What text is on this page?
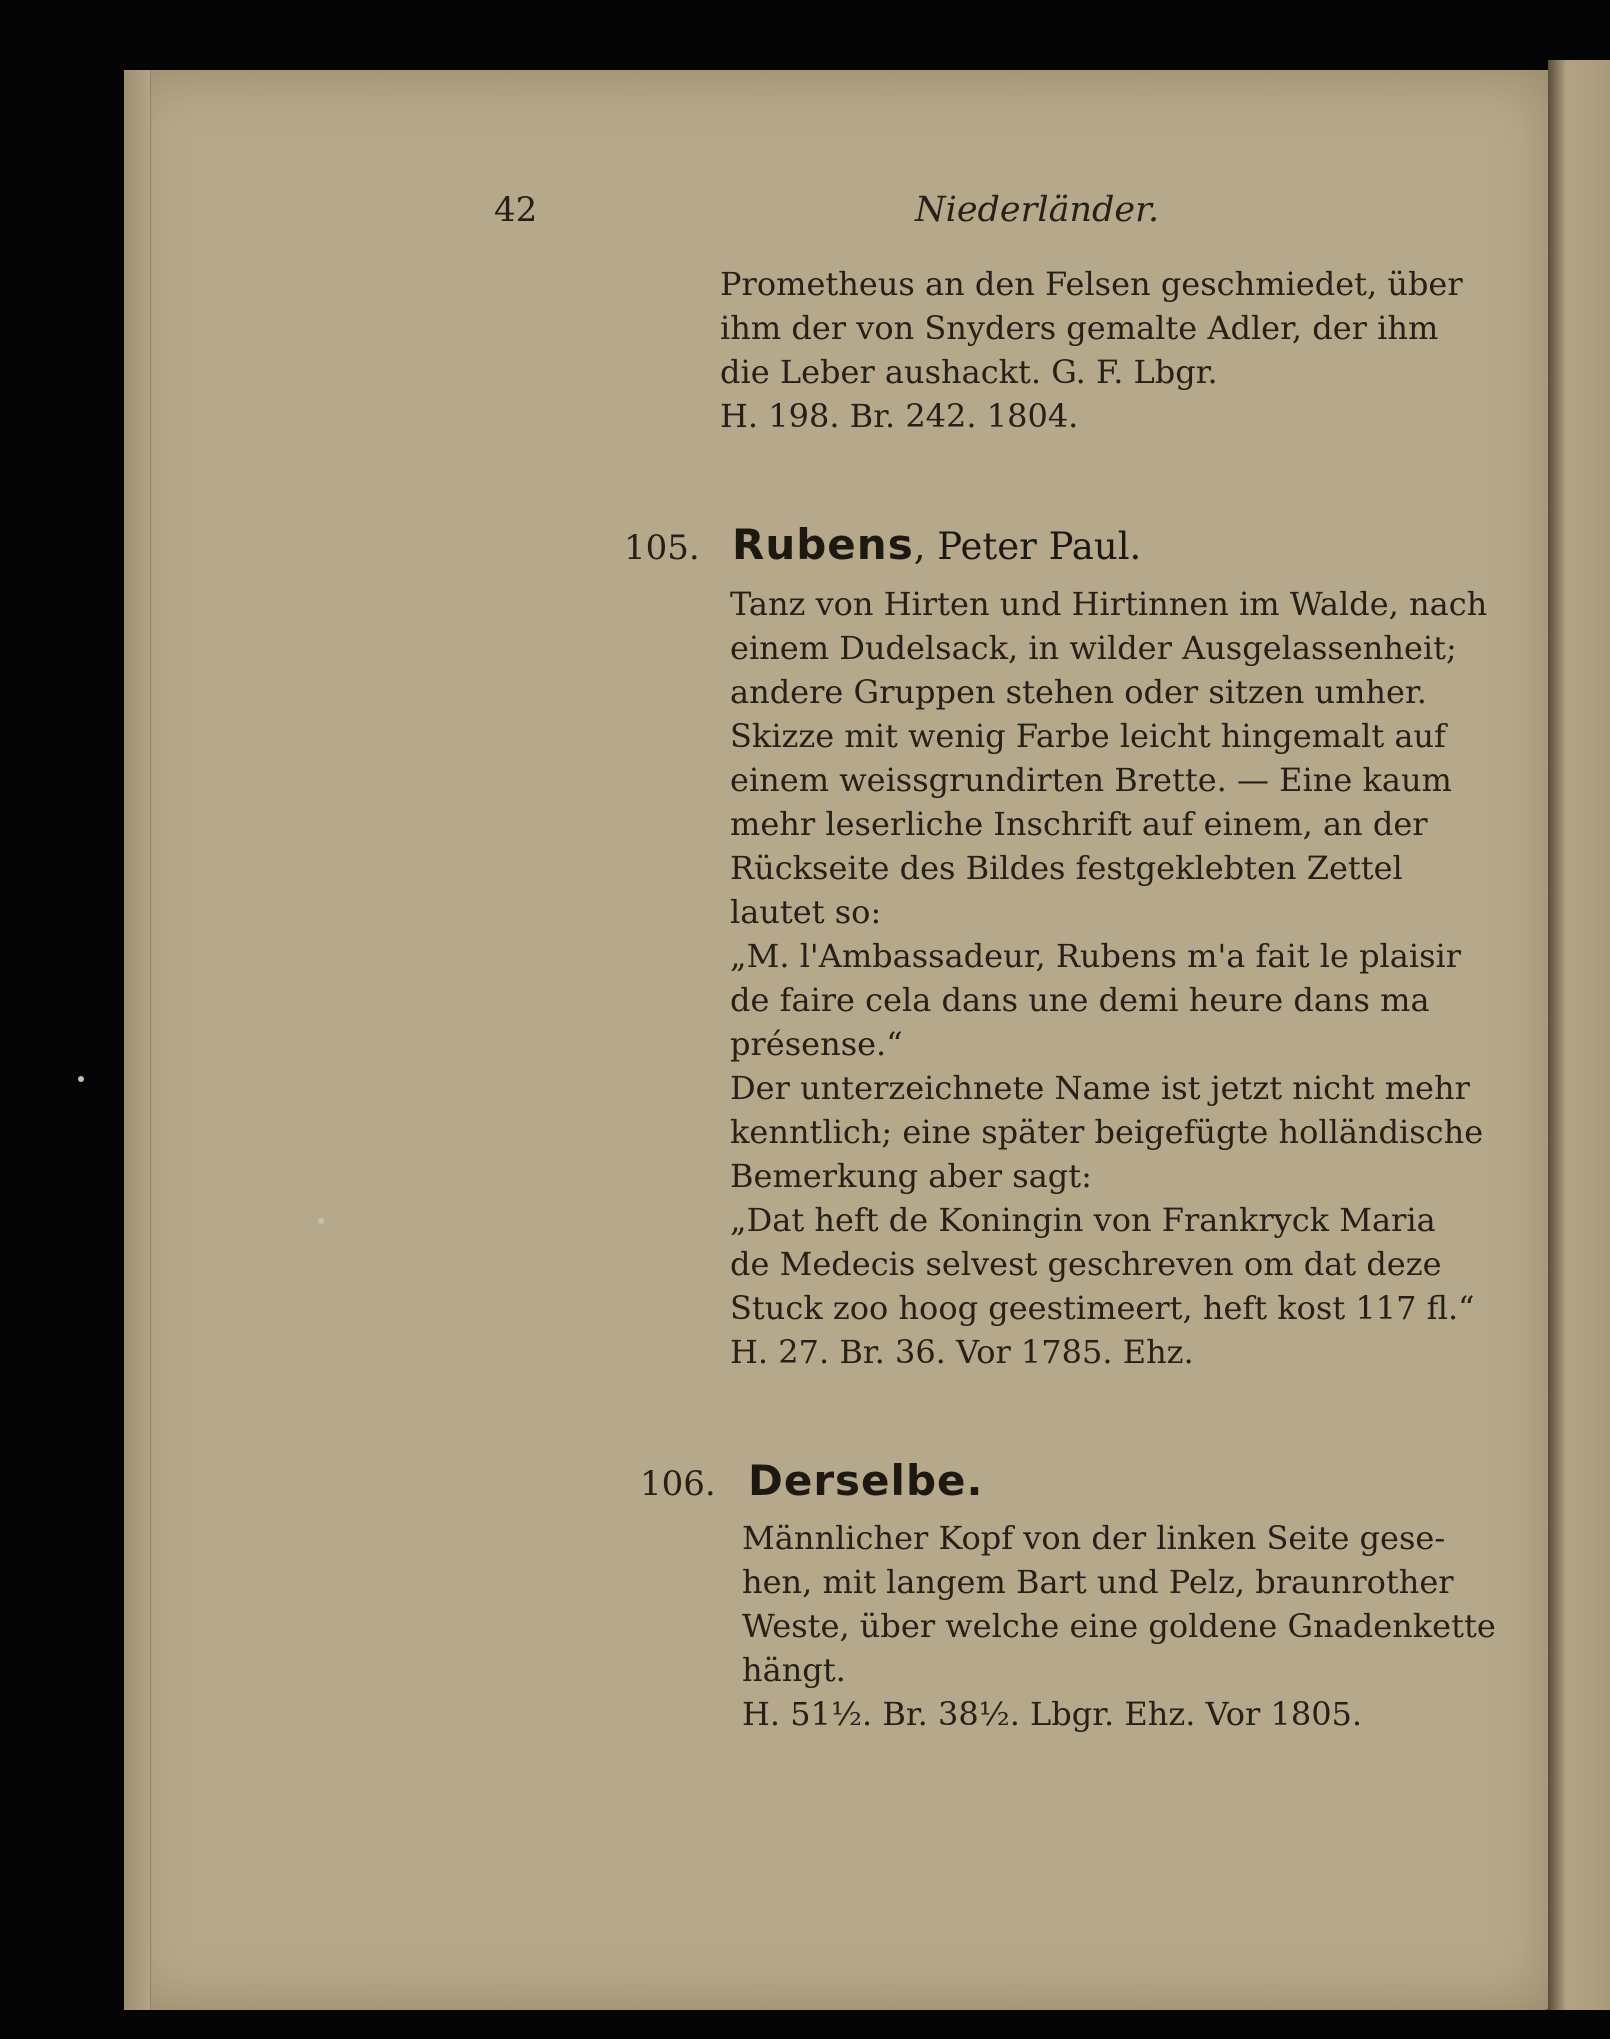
42	Niederländer.
Prometheus an den Felsen geschmiedet, über
ihm der von Snyders gemalte Adler, der ihm
die Leber aushackt. G. F. Lbgr.
H. 198. Br. 242. 1804.
105. Rubens, Peter Paul.
Tanz von Hirten und Hirtinnen im Walde, nach
einem Dudelsack, in wilder Ausgelassenheit;
andere Gruppen stehen oder sitzen umher.
Skizze mit wenig Farbe leicht hingemalt auf
einem weissgrundirten Brette. — Eine kaum
mehr leserliche Inschrift auf einem, an der
Rückseite des Bildes festgeklebten Zettel
lautet so:
„M. l'Ambassadeur, Rubens m'a fait le plaisir
de faire cela dans une demi heure dans ma
présense.“
Der unterzeichnete Name ist jetzt nicht mehr
kenntlich; eine später beigefügte holländische
Bemerkung aber sagt:
„Dat heft de Koningin von Frankryck Maria
de Medecis selvest geschreven om dat deze
Stuck zoo hoog geestimeert, heft kost 117 fl.“
H. 27. Br. 36. Vor 1785. Ehz.
106. Derselbe.
Männlicher Kopf von der linken Seite gese-
hen, mit langem Bart und Pelz, braunrother
Weste, über welche eine goldene Gnadenkette
hängt.
H. 51½. Br. 38½. Lbgr. Ehz. Vor 1805.
